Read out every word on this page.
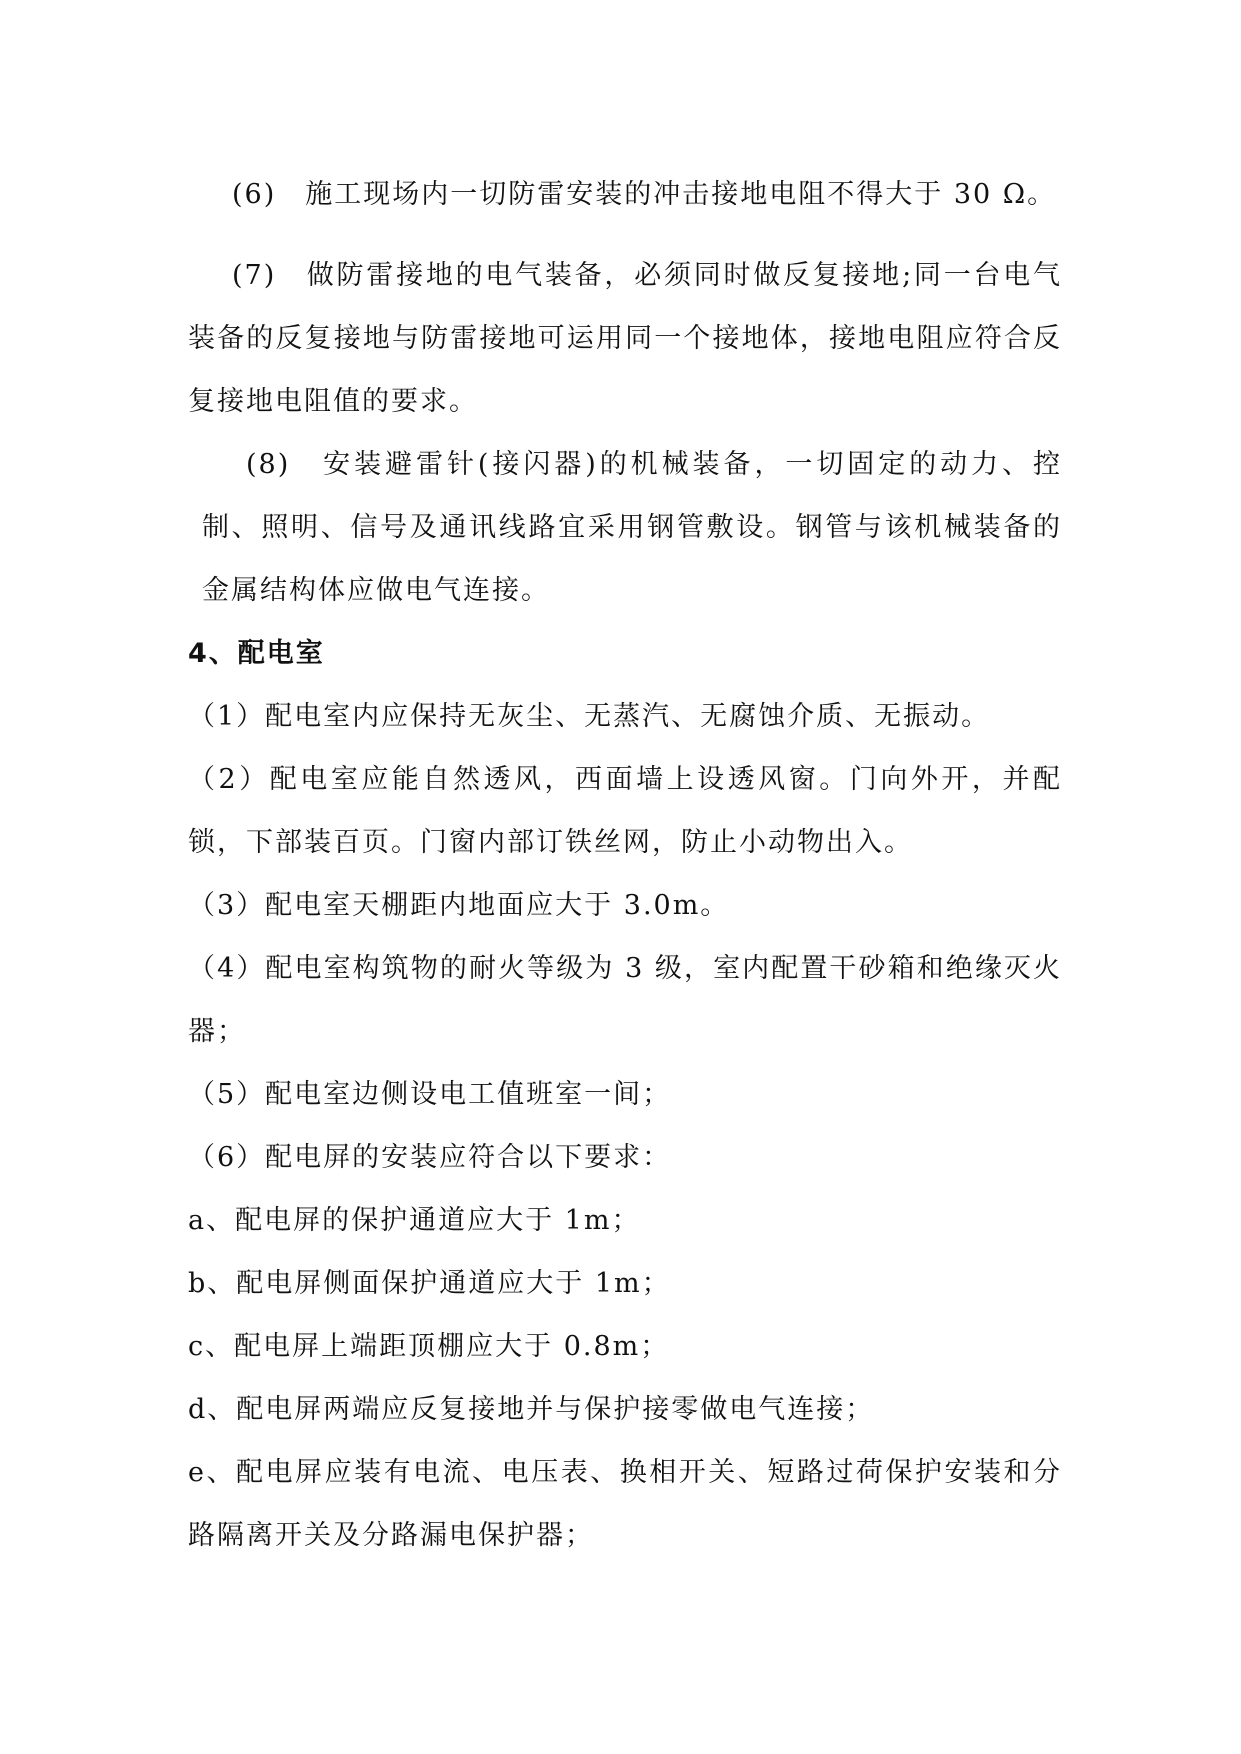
(6)　施工现场内一切防雷安装的冲击接地电阻不得大于 30 Ω。

(7)　做防雷接地的电气装备，必须同时做反复接地;同一台电气装备的反复接地与防雷接地可运用同一个接地体，接地电阻应符合反复接地电阻值的要求。

(8)　安装避雷针(接闪器)的机械装备，一切固定的动力、控制、照明、信号及通讯线路宜采用钢管敷设。钢管与该机械装备的金属结构体应做电气连接。

4、配电室

（1）配电室内应保持无灰尘、无蒸汽、无腐蚀介质、无振动。

（2）配电室应能自然透风，西面墙上设透风窗。门向外开，并配锁，下部装百页。门窗内部订铁丝网，防止小动物出入。

（3）配电室天棚距内地面应大于 3.0m。

（4）配电室构筑物的耐火等级为 3 级，室内配置干砂箱和绝缘灭火器；

（5）配电室边侧设电工值班室一间；

（6）配电屏的安装应符合以下要求：

a、配电屏的保护通道应大于 1m；

b、配电屏侧面保护通道应大于 1m；

c、配电屏上端距顶棚应大于 0.8m；

d、配电屏两端应反复接地并与保护接零做电气连接；

e、配电屏应装有电流、电压表、换相开关、短路过荷保护安装和分路隔离开关及分路漏电保护器；
